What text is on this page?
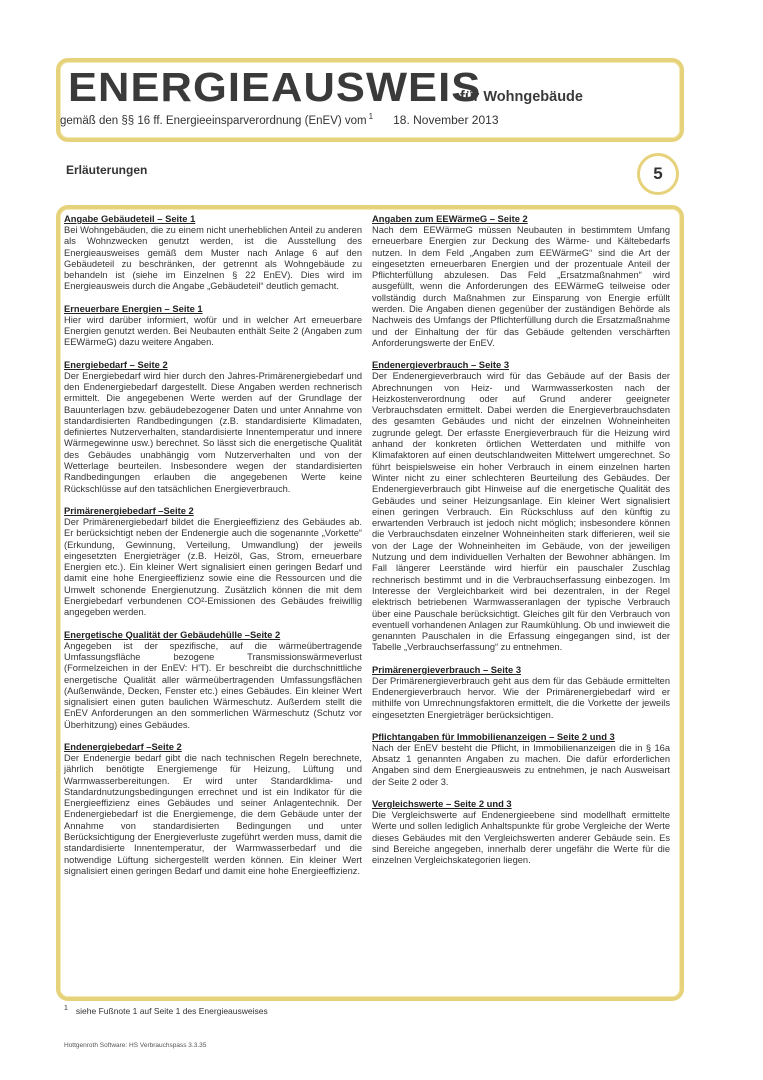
ENERGIEAUSWEIS
für Wohngebäude
gemäß den §§ 16 ff. Energieeinsparverordnung (EnEV) vom $^1$ 18. November 2013
Erläuterungen	5
Angabe Gebäudeteil – Seite 1
Bei Wohngebäuden, die zu einem nicht unerheblichen Anteil zu anderen als Wohnzwecken genutzt werden, ist die Ausstellung des Energieausweises gemäß dem Muster nach Anlage 6 auf den Gebäudeteil zu beschränken, der getrennt als Wohngebäude zu behandeln ist (siehe im Einzelnen § 22 EnEV). Dies wird im Energieausweis durch die Angabe „Gebäudeteil“ deutlich gemacht.
Erneuerbare Energien – Seite 1
Hier wird darüber informiert, wofür und in welcher Art erneuerbare Energien genutzt werden. Bei Neubauten enthält Seite 2 (Angaben zum EEWärmeG) dazu weitere Angaben.
Energiebedarf – Seite 2
Der Energiebedarf wird hier durch den Jahres-Primärenergiebedarf und den Endenergiebedarf dargestellt. Diese Angaben werden rechnerisch ermittelt. Die angegebenen Werte werden auf der Grundlage der Bauunterlagen bzw. gebäudebezogener Daten und unter Annahme von standardisierten Randbedingungen (z.B. standardisierte Klimadaten, definiertes Nutzerverhalten, standardisierte Innentemperatur und innere Wärmegewinne usw.) berechnet. So lässt sich die energetische Qualität des Gebäudes unabhängig vom Nutzerverhalten und von der Wetterlage beurteilen. Insbesondere wegen der standardisierten Randbedingungen erlauben die angegebenen Werte keine Rückschlüsse auf den tatsächlichen Energieverbrauch.
Primärenergiebedarf –Seite 2
Der Primärenergiebedarf bildet die Energieeffizienz des Gebäudes ab. Er berücksichtigt neben der Endenergie auch die sogenannte „Vorkette“ (Erkundung, Gewinnung, Verteilung, Umwandlung) der jeweils eingesetzten Energieträger (z.B. Heizöl, Gas, Strom, erneuerbare Energien etc.). Ein kleiner Wert signalisiert einen geringen Bedarf und damit eine hohe Energieeffizienz sowie eine die Ressourcen und die Umwelt schonende Energienutzung. Zusätzlich können die mit dem Energiebedarf verbundenen CO²-Emissionen des Gebäudes freiwillig angegeben werden.
Energetische Qualität der Gebäudehülle –Seite 2
Angegeben ist der spezifische, auf die wärmeübertragende Umfassungsfläche bezogene Transmissionswärmeverlust (Formelzeichen in der EnEV: H'T). Er beschreibt die durchschnittliche energetische Qualität aller wärmeübertragenden Umfassungsflächen (Außenwände, Decken, Fenster etc.) eines Gebäudes. Ein kleiner Wert signalisiert einen guten baulichen Wärmeschutz. Außerdem stellt die EnEV Anforderungen an den sommerlichen Wärmeschutz (Schutz vor Überhitzung) eines Gebäudes.
Endenergiebedarf –Seite 2
Der Endenergie bedarf gibt die nach technischen Regeln berechnete, jährlich benötigte Energiemenge für Heizung, Lüftung und Warmwasserbereitungen. Er wird unter Standardklima- und Standardnutzungsbedingungen errechnet und ist ein Indikator für die Energieeffizienz eines Gebäudes und seiner Anlagentechnik. Der Endenergiebedarf ist die Energiemenge, die dem Gebäude unter der Annahme von standardisierten Bedingungen und unter Berücksichtigung der Energieverluste zugeführt werden muss, damit die standardisierte Innentemperatur, der Warmwasserbedarf und die notwendige Lüftung sichergestellt werden können. Ein kleiner Wert signalisiert einen geringen Bedarf und damit eine hohe Energieeffizienz.
Angaben zum EEWärmeG – Seite 2
Nach dem EEWärmeG müssen Neubauten in bestimmtem Umfang erneuerbare Energien zur Deckung des Wärme- und Kältebedarfs nutzen. In dem Feld „Angaben zum EEWärmeG“ sind die Art der eingesetzten erneuerbaren Energien und der prozentuale Anteil der Pflichterfüllung abzulesen. Das Feld „Ersatzmaßnahmen“ wird ausgefüllt, wenn die Anforderungen des EEWärmeG teilweise oder vollständig durch Maßnahmen zur Einsparung von Energie erfüllt werden. Die Angaben dienen gegenüber der zuständigen Behörde als Nachweis des Umfangs der Pflichterfüllung durch die Ersatzmaßnahme und der Einhaltung der für das Gebäude geltenden verschärften Anforderungswerte der EnEV.
Endenergieverbrauch – Seite 3
Der Endenergieverbrauch wird für das Gebäude auf der Basis der Abrechnungen von Heiz- und Warmwasserkosten nach der Heizkostenverordnung oder auf Grund anderer geeigneter Verbrauchsdaten ermittelt. Dabei werden die Energieverbrauchsdaten des gesamten Gebäudes und nicht der einzelnen Wohneinheiten zugrunde gelegt. Der erfasste Energieverbrauch für die Heizung wird anhand der konkreten örtlichen Wetterdaten und mithilfe von Klimafaktoren auf einen deutschlandweiten Mittelwert umgerechnet. So führt beispielsweise ein hoher Verbrauch in einem einzelnen harten Winter nicht zu einer schlechteren Beurteilung des Gebäudes. Der Endenergieverbrauch gibt Hinweise auf die energetische Qualität des Gebäudes und seiner Heizungsanlage. Ein kleiner Wert signalisiert einen geringen Verbrauch. Ein Rückschluss auf den künftig zu erwartenden Verbrauch ist jedoch nicht möglich; insbesondere können die Verbrauchsdaten einzelner Wohneinheiten stark differieren, weil sie von der Lage der Wohneinheiten im Gebäude, von der jeweiligen Nutzung und dem individuellen Verhalten der Bewohner abhängen. Im Fall längerer Leerstände wird hierfür ein pauschaler Zuschlag rechnerisch bestimmt und in die Verbrauchserfassung einbezogen. Im Interesse der Vergleichbarkeit wird bei dezentralen, in der Regel elektrisch betriebenen Warmwasseranlagen der typische Verbrauch über eine Pauschale berücksichtigt. Gleiches gilt für den Verbrauch von eventuell vorhandenen Anlagen zur Raumkühlung. Ob und inwieweit die genannten Pauschalen in die Erfassung eingegangen sind, ist der Tabelle „Verbrauchserfassung“ zu entnehmen.
Primärenergieverbrauch – Seite 3
Der Primärenergieverbrauch geht aus dem für das Gebäude ermittelten Endenergieverbrauch hervor. Wie der Primärenergiebedarf wird er mithilfe von Umrechnungsfaktoren ermittelt, die die Vorkette der jeweils eingesetzten Energieträger berücksichtigen.
Pflichtangaben für Immobilienanzeigen – Seite 2 und 3
Nach der EnEV besteht die Pflicht, in Immobilienanzeigen die in § 16a Absatz 1 genannten Angaben zu machen. Die dafür erforderlichen Angaben sind dem Energieausweis zu entnehmen, je nach Ausweisart der Seite 2 oder 3.
Vergleichswerte – Seite 2 und 3
Die Vergleichswerte auf Endenergieebene sind modellhaft ermittelte Werte und sollen lediglich Anhaltspunkte für grobe Vergleiche der Werte dieses Gebäudes mit den Vergleichswerten anderer Gebäude sein. Es sind Bereiche angegeben, innerhalb derer ungefähr die Werte für die einzelnen Vergleichskategorien liegen.
$^1$ siehe Fußnote 1 auf Seite 1 des Energieausweises
Hottgenroth Software: HS Verbrauchspass 3.3.35
